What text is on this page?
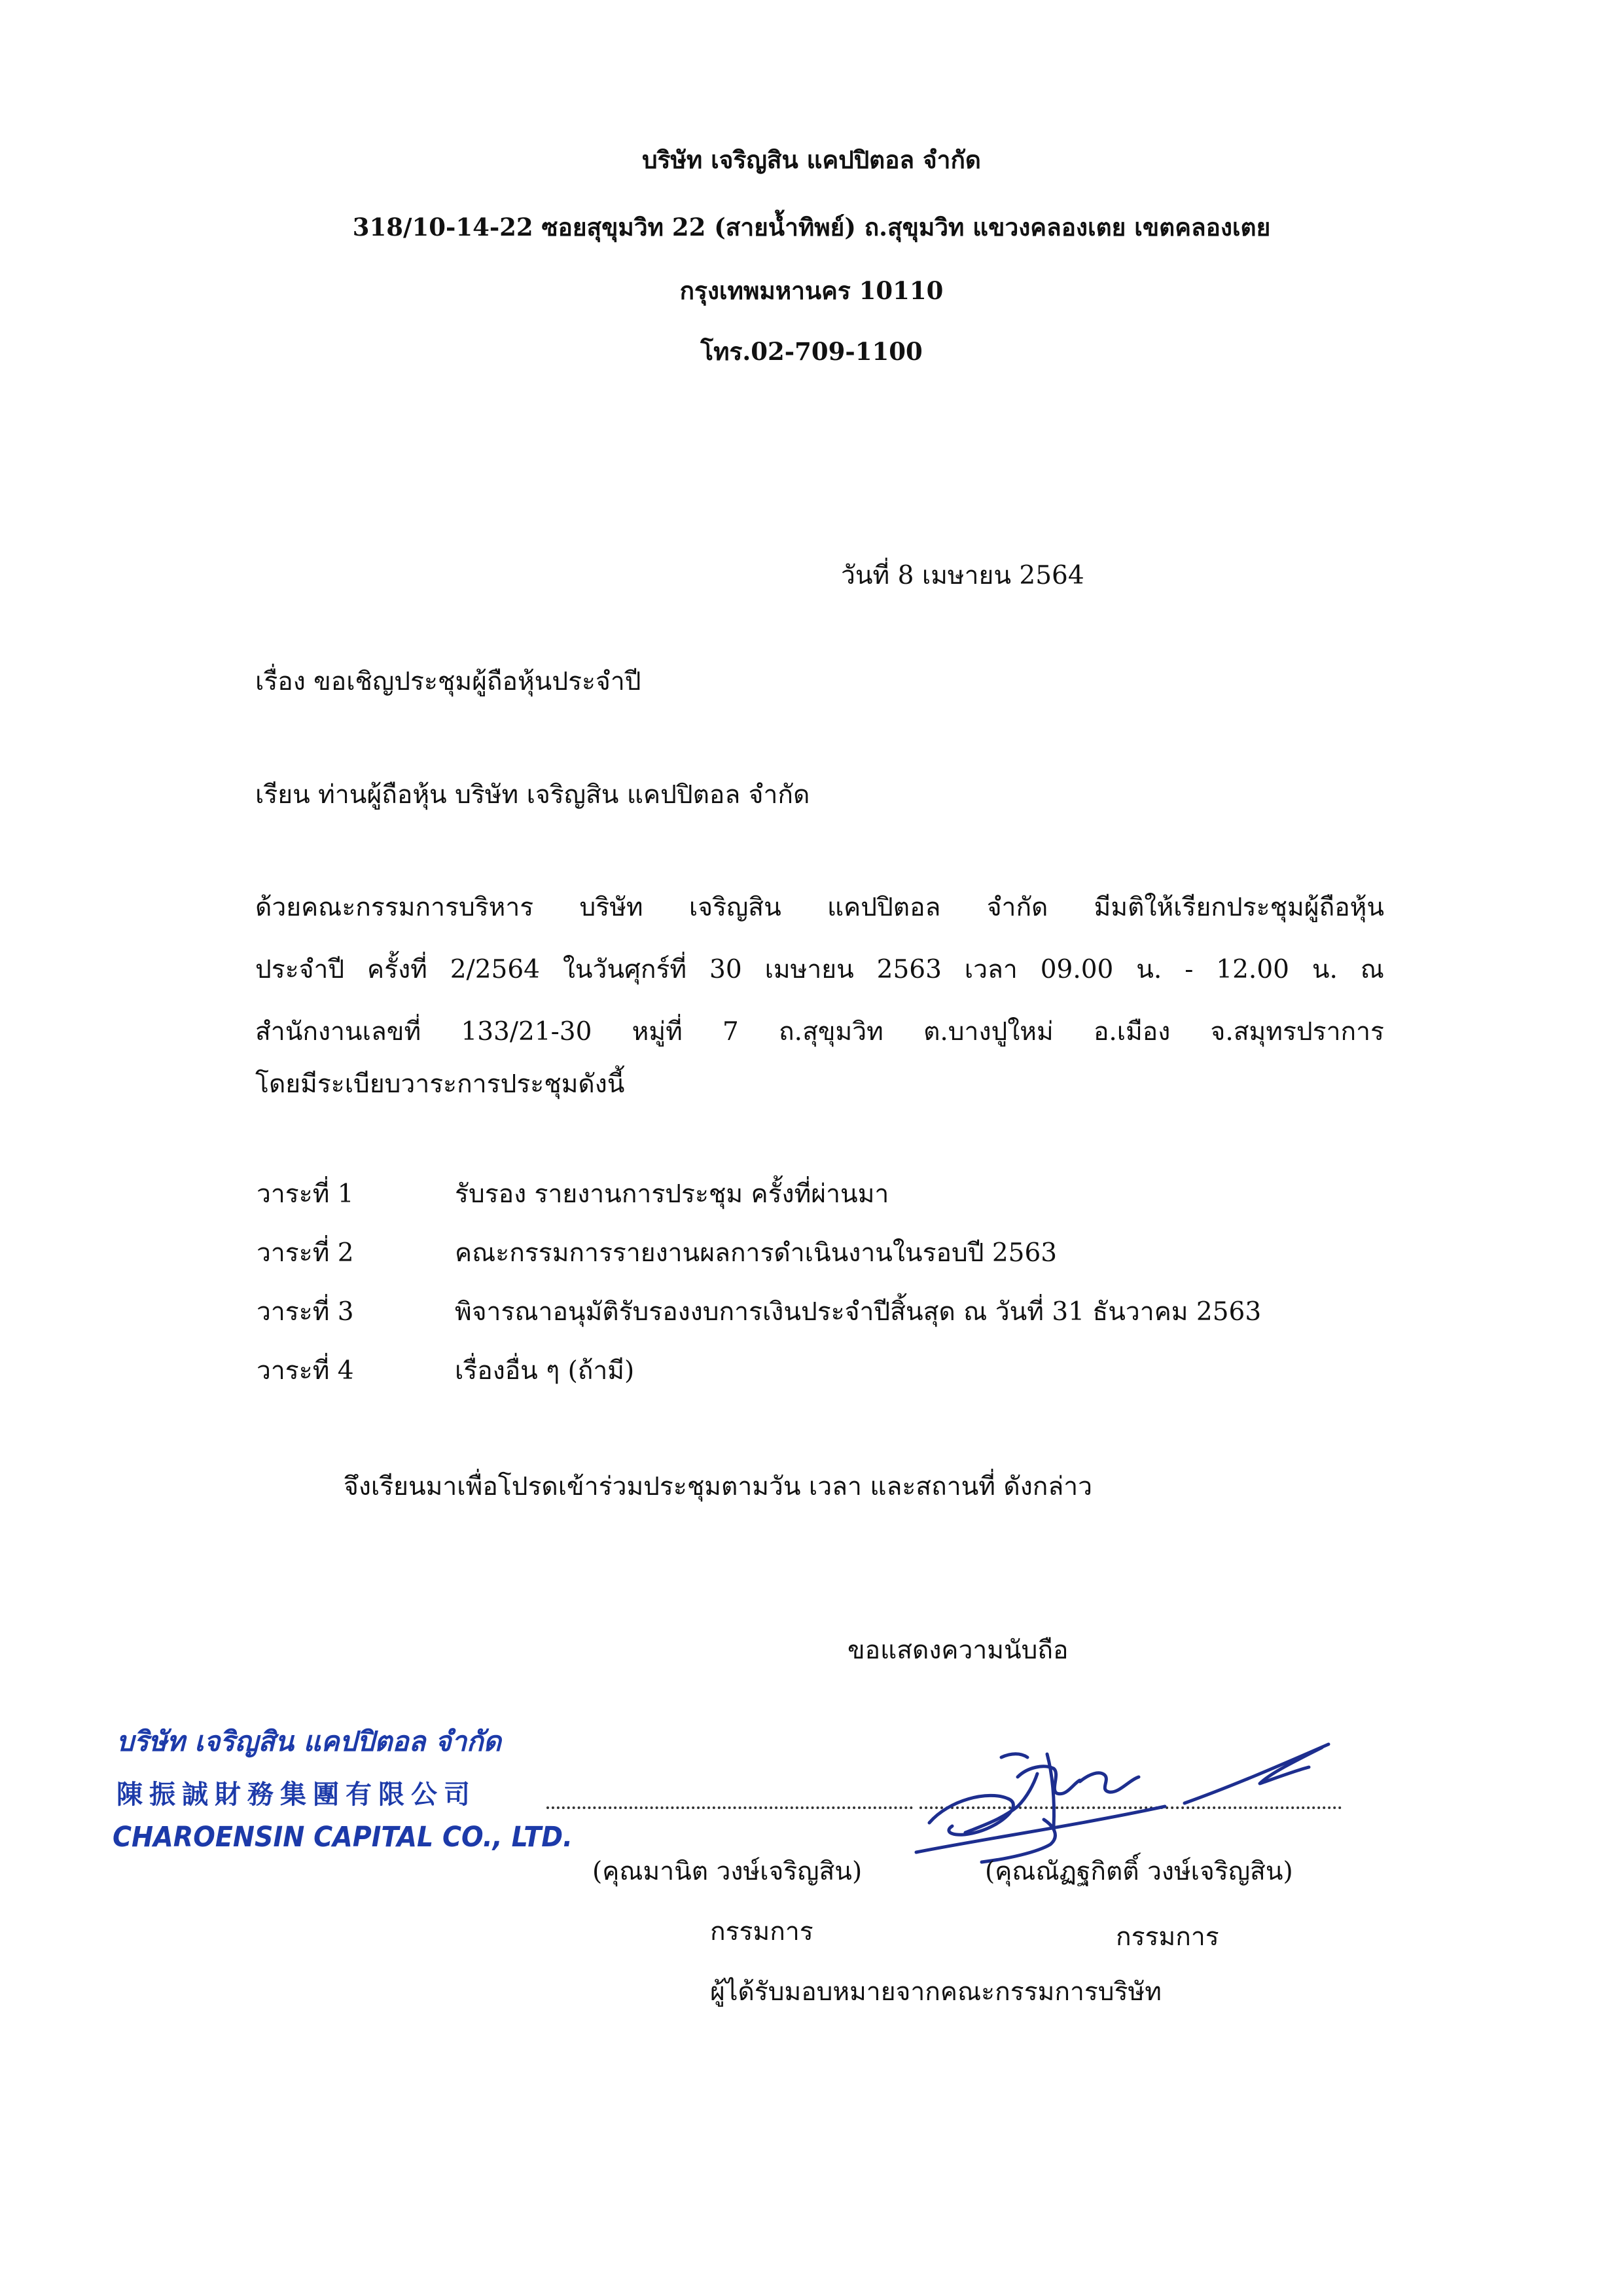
บริษัท เจริญสิน แคปปิตอล จำกัด
318/10-14-22 ซอยสุขุมวิท 22 (สายน้ำทิพย์) ถ.สุขุมวิท แขวงคลองเตย เขตคลองเตย
กรุงเทพมหานคร 10110
โทร.02-709-1100
วันที่ 8 เมษายน 2564
เรื่อง ขอเชิญประชุมผู้ถือหุ้นประจำปี
เรียน ท่านผู้ถือหุ้น บริษัท เจริญสิน แคปปิตอล จำกัด
ด้วยคณะกรรมการบริหาร บริษัท เจริญสิน แคปปิตอล จำกัด มีมติให้เรียกประชุมผู้ถือหุ้น
ประจำปี ครั้งที่ 2/2564 ในวันศุกร์ที่ 30 เมษายน 2563 เวลา 09.00 น. - 12.00 น. ณ
สำนักงานเลขที่ 133/21-30 หมู่ที่ 7 ถ.สุขุมวิท ต.บางปูใหม่ อ.เมือง จ.สมุทรปราการ
โดยมีระเบียบวาระการประชุมดังนี้
วาระที่ 1	รับรอง รายงานการประชุม ครั้งที่ผ่านมา
วาระที่ 2	คณะกรรมการรายงานผลการดำเนินงานในรอบปี 2563
วาระที่ 3	พิจารณาอนุมัติรับรองงบการเงินประจำปีสิ้นสุด ณ วันที่ 31 ธันวาคม 2563
วาระที่ 4	เรื่องอื่น ๆ (ถ้ามี)
จึงเรียนมาเพื่อโปรดเข้าร่วมประชุมตามวัน เวลา และสถานที่ ดังกล่าว
ขอแสดงความนับถือ
บริษัท เจริญสิน แคปปิตอล จำกัด
陳振誠財務集團有限公司
CHAROENSIN CAPITAL CO., LTD.
(คุณมานิต วงษ์เจริญสิน)	(คุณณัฏฐกิตติ์ วงษ์เจริญสิน)
กรรมการ	กรรมการ
ผู้ได้รับมอบหมายจากคณะกรรมการบริษัท
